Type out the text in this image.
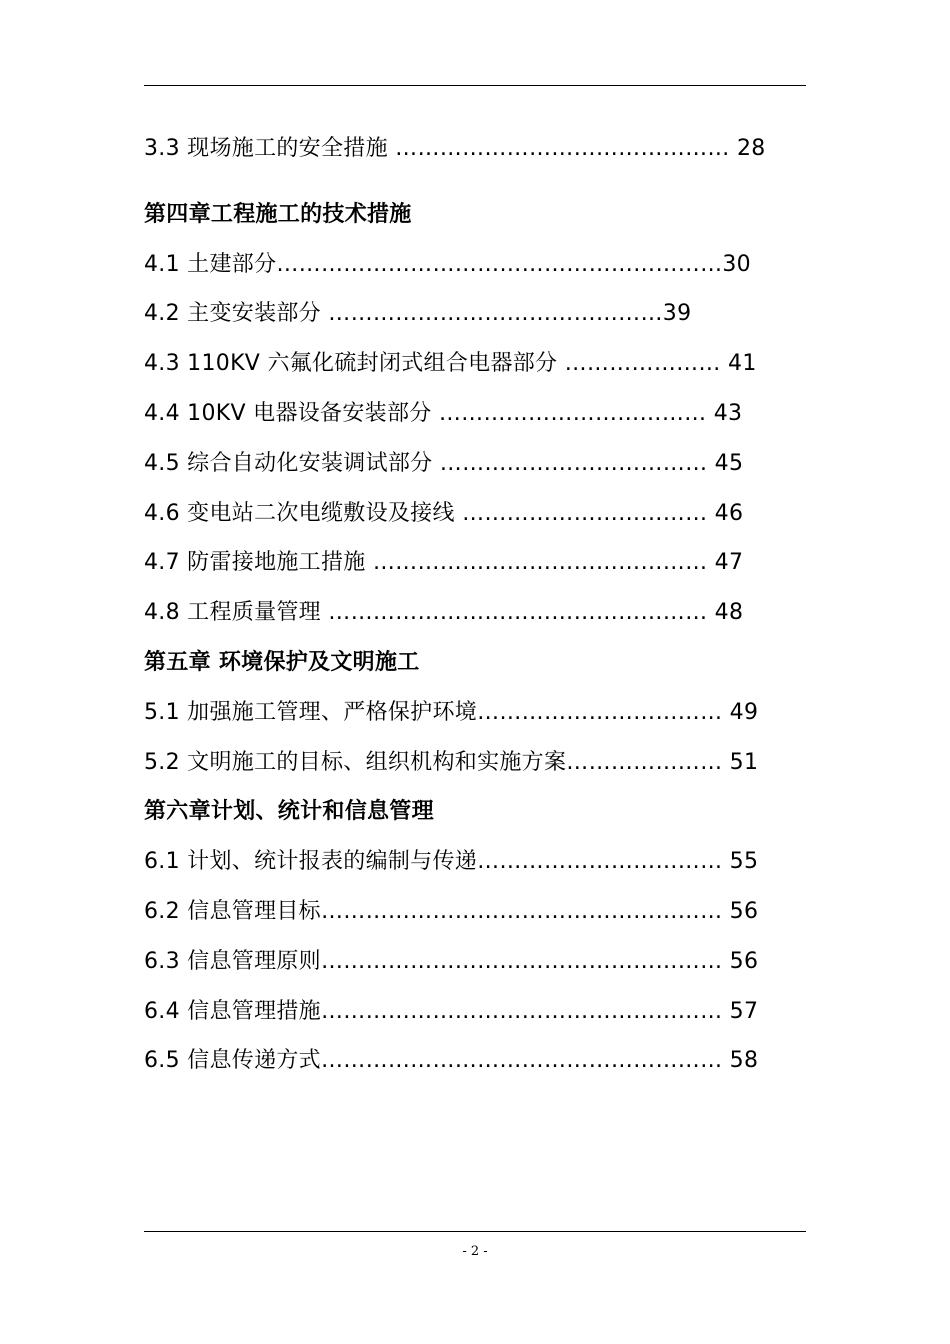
3.3 现场施工的安全措施 ……………………………………… 28
第四章工程施工的技术措施
4.1 土建部分……………………………………………………30
4.2 主变安装部分 ………………………………………39
4.3 110KV 六氟化硫封闭式组合电器部分 ………………… 41
4.4 10KV 电器设备安装部分 ……………………………… 43
4.5 综合自动化安装调试部分 ……………………………… 45
4.6 变电站二次电缆敷设及接线 …………………………… 46
4.7 防雷接地施工措施 ……………………………………… 47
4.8 工程质量管理 …………………………………………… 48
第五章 环境保护及文明施工
5.1 加强施工管理、严格保护环境…………………………… 49
5.2 文明施工的目标、组织机构和实施方案………………… 51
第六章计划、统计和信息管理
6.1 计划、统计报表的编制与传递…………………………… 55
6.2 信息管理目标……………………………………………… 56
6.3 信息管理原则……………………………………………… 56
6.4 信息管理措施……………………………………………… 57
6.5 信息传递方式……………………………………………… 58
- 2 -
